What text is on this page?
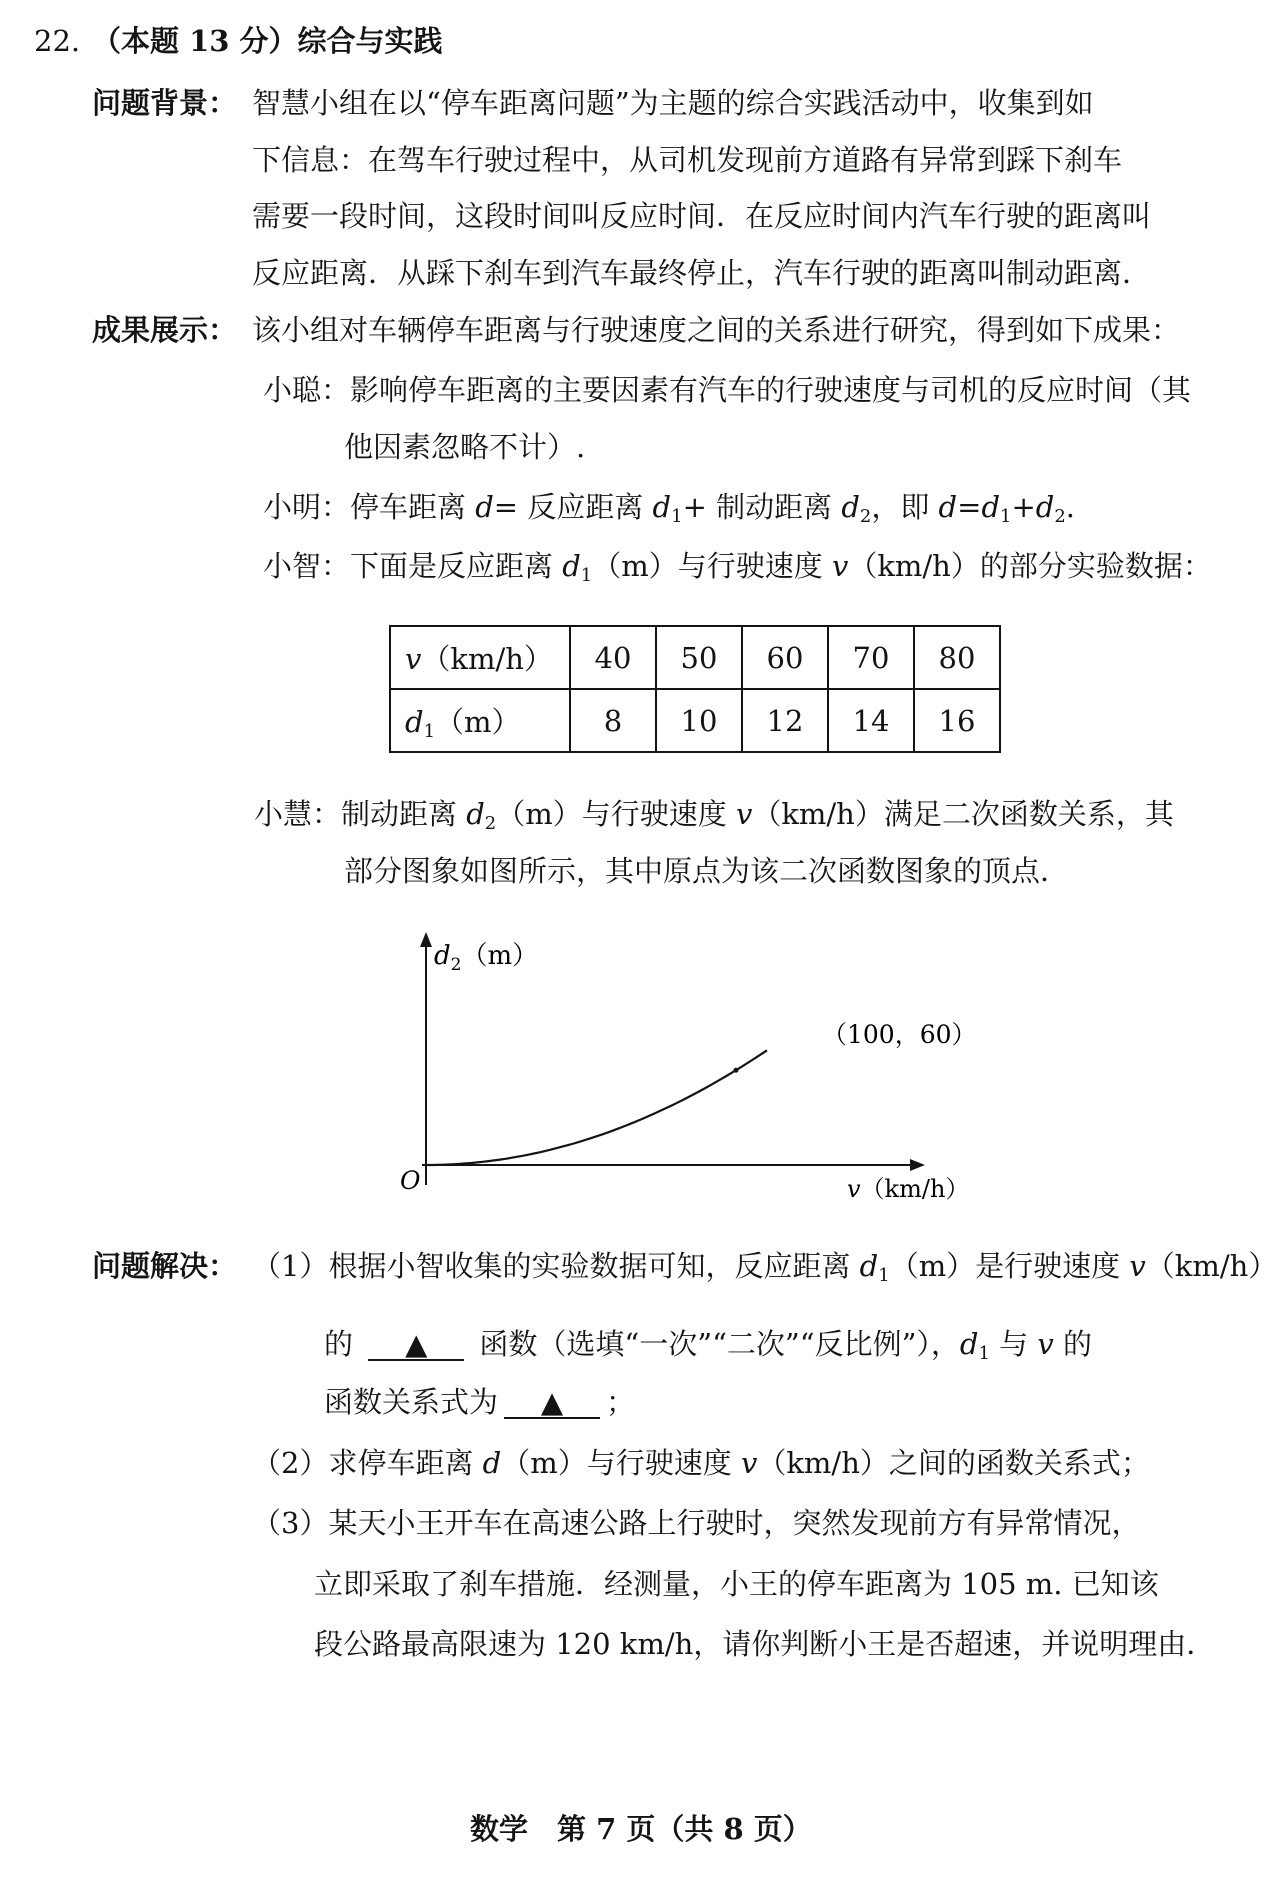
22. （本题 13 分）综合与实践
问题背景： 智慧小组在以“停车距离问题”为主题的综合实践活动中，收集到如
下信息：在驾车行驶过程中，从司机发现前方道路有异常到踩下刹车
需要一段时间，这段时间叫反应时间．在反应时间内汽车行驶的距离叫
反应距离．从踩下刹车到汽车最终停止，汽车行驶的距离叫制动距离．
成果展示： 该小组对车辆停车距离与行驶速度之间的关系进行研究，得到如下成果：
小聪：影响停车距离的主要因素有汽车的行驶速度与司机的反应时间（其
他因素忽略不计）.
小明：停车距离 d= 反应距离 $d_1+$ 制动距离 $d_2$，即 $d=d_1+d_2$.
小智：下面是反应距离 $d_1(m)$与行驶速度 v（km/h）的部分实验数据：
v（km/h）	40	50	60	70	80
$d_1(m)$	8	10	12	14	16
小慧：制动距离 $d_2(m)$与行驶速度 v（km/h）满足二次函数关系，其
部分图象如图所示，其中原点为该二次函数图象的顶点．
$d_2(m)$
O	v（km/h）
（100，60）
问题解决： （1）根据小智收集的实验数据可知，反应距离 $d_1(m)$是行驶速度 v（km/h）
的 ▲ 函数（选填“一次”“二次”“反比例”），$d_1$ 与 v 的
函数关系式为 ▲ ；
（2）求停车距离 d（m）与行驶速度 v（km/h）之间的函数关系式；
（3）某天小王开车在高速公路上行驶时，突然发现前方有异常情况，
立即采取了刹车措施．经测量，小王的停车距离为 105 m. 已知该
段公路最高限速为 120 km/h，请你判断小王是否超速，并说明理由．
数学　第 7 页（共 8 页）
